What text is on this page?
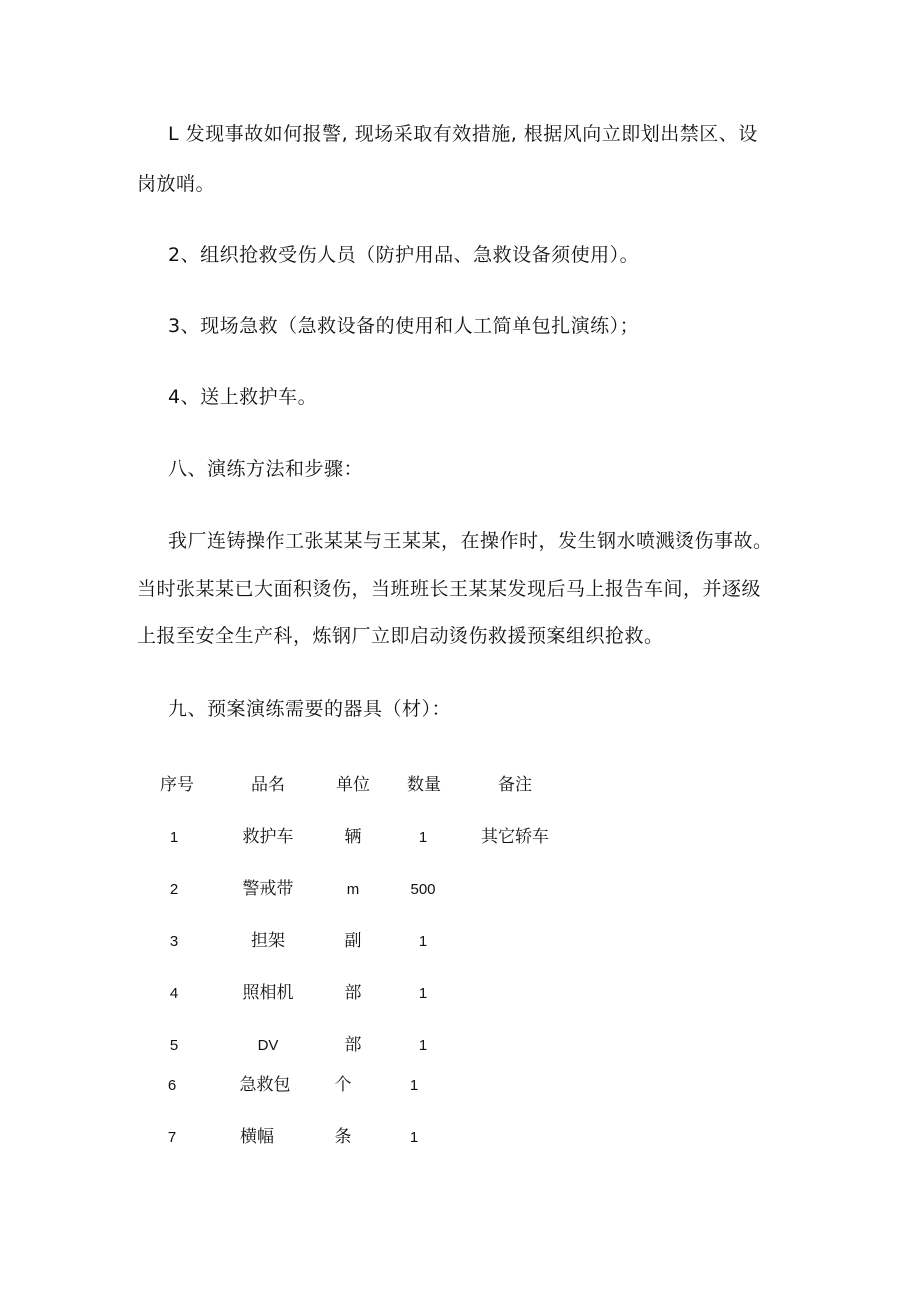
L 发现事故如何报警, 现场采取有效措施, 根据风向立即划出禁区、设
岗放哨。
2、组织抢救受伤人员（防护用品、急救设备须使用）。
3、现场急救（急救设备的使用和人工简单包扎演练）；
4、送上救护车。
八、演练方法和步骤：
我厂连铸操作工张某某与王某某，在操作时，发生钢水喷溅烫伤事故。
当时张某某已大面积烫伤，当班班长王某某发现后马上报告车间，并逐级
上报至安全生产科，炼钢厂立即启动烫伤救援预案组织抢救。
九、预案演练需要的器具（材）：
序号	品名	单位	数量	备注
1	救护车	辆	1	其它轿车
2	警戒带	m	500
3	担架	副	1
4	照相机	部	1
5	DV	部	1
6	急救包	个	1
7	横幅	条	1
